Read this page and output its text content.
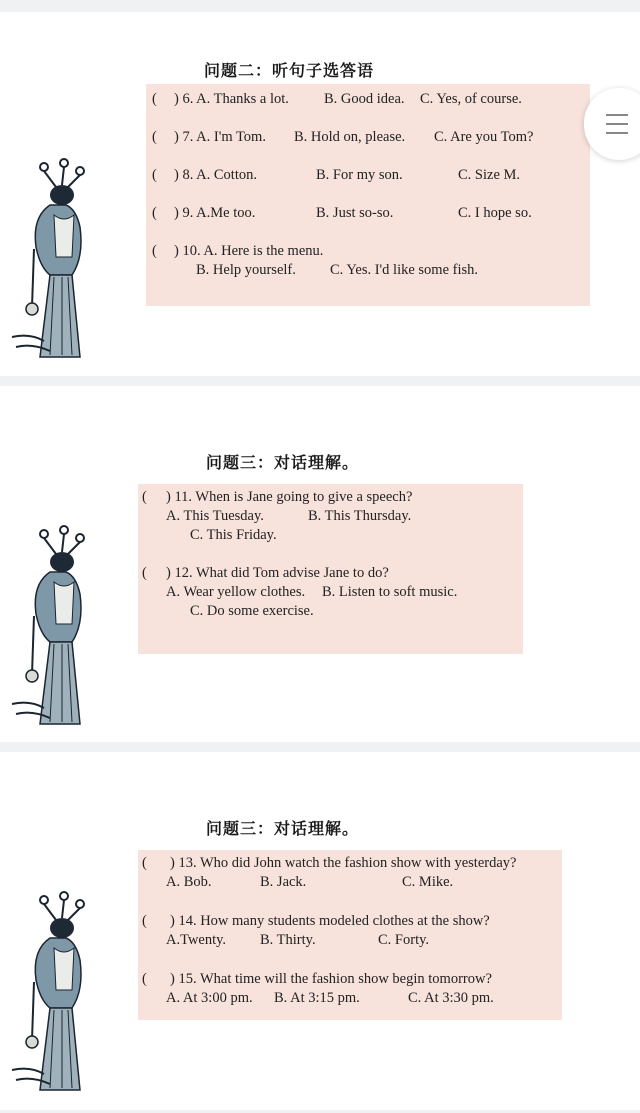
问题二：听句子选答语
( ) 6. A. Thanks a lot. B. Good idea. C. Yes, of course.
( ) 7. A. I'm Tom. B. Hold on, please. C. Are you Tom?
( ) 8. A. Cotton.	B. For my son.	C. Size M.
( ) 9. A.Me too.	B. Just so-so.	C. I hope so.
( ) 10. A. Here is the menu.
B. Help yourself. C. Yes. I'd like some fish.
问题三：对话理解。
( ) 11. When is Jane going to give a speech?
A. This Tuesday.	B. This Thursday.
C. This Friday.
( ) 12. What did Tom advise Jane to do?
A. Wear yellow clothes. B. Listen to soft music.
C. Do some exercise.
问题三：对话理解。
( ) 13. Who did John watch the fashion show with yesterday?
A. Bob.	B. Jack.	C. Mike.
( ) 14. How many students modeled clothes at the show?
A.Twenty. B. Thirty.	C. Forty.
( ) 15. What time will the fashion show begin tomorrow?
A. At 3:00 pm. B. At 3:15 pm.	C. At 3:30 pm.
